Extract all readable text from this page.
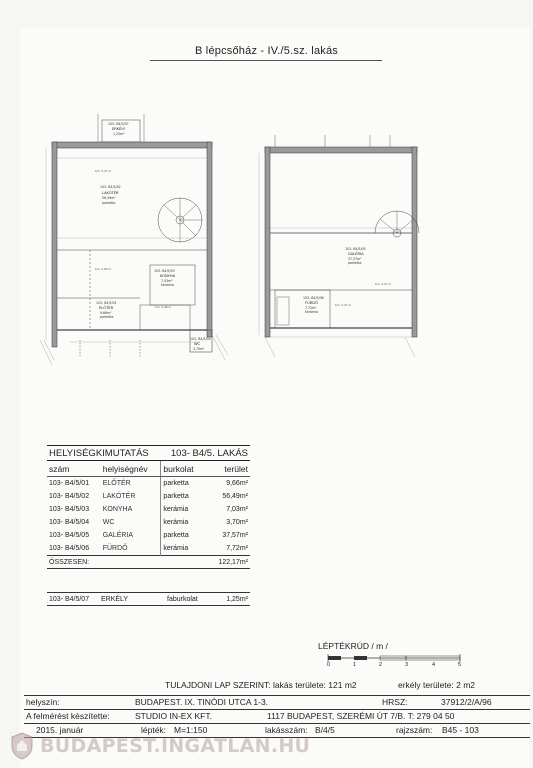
B lépcsőház - IV./5.sz. lakás
103- B4/5/07
ERKÉLY
1,25m²
bm: 5,47 m
103- B4/5/02
LAKÓTÉR
56,49m²
parketta
bm: 2,60 m	103- B4/5/03
KONYHA
7,03m²
kerámia
bm: 2,48 m
103- B4/5/01
ELŐTÉR
9,66m²
parketta
103- B4/5/04
WC
3,70m²
103- B4/5/05
GALÉRIA
37,57m²
parketta
103- B4/5/06
FÜRDŐ
7,72m²
kerámia
bm: 2,47 m
bm: 2,47 m
HELYISÉGKIMUTATÁS		103- B4/5. LAKÁS	
szám	helyiségnév	burkolat	terület
103- B4/5/01	ELŐTÉR	parketta	9,66m²
103- B4/5/02	LAKÓTÉR	parketta	56,49m²
103- B4/5/03	KONYHA	kerámia	7,03m²
103- B4/5/04	WC	kerámia	3,70m²
103- B4/5/05	GALÉRIA	parketta	37,57m²
103- B4/5/06	FÜRDŐ	kerámia	7,72m²
ÖSSZESEN:			122,17m²
103- B4/5/07	ERKÉLY	faburkolat	1,25m²
LÉPTÉKRÚD / m /
0	1	2	3	4	5
TULAJDONI LAP SZERINT: lakás területe: 121 m2	erkély területe: 2 m2
helyszín:	BUDAPEST. IX. TINÓDI UTCA 1-3.	HRSZ:	37912/2/A/96
A felmérést készítette:	STUDIO IN-EX KFT.	1117 BUDAPEST, SZERÉMI ÚT 7/B. T: 279 04 50
2015. január	lépték: M=1:150	lakásszám: B/4/5	rajzszám: B45 - 103
BUDAPEST.INGATLAN.HU
